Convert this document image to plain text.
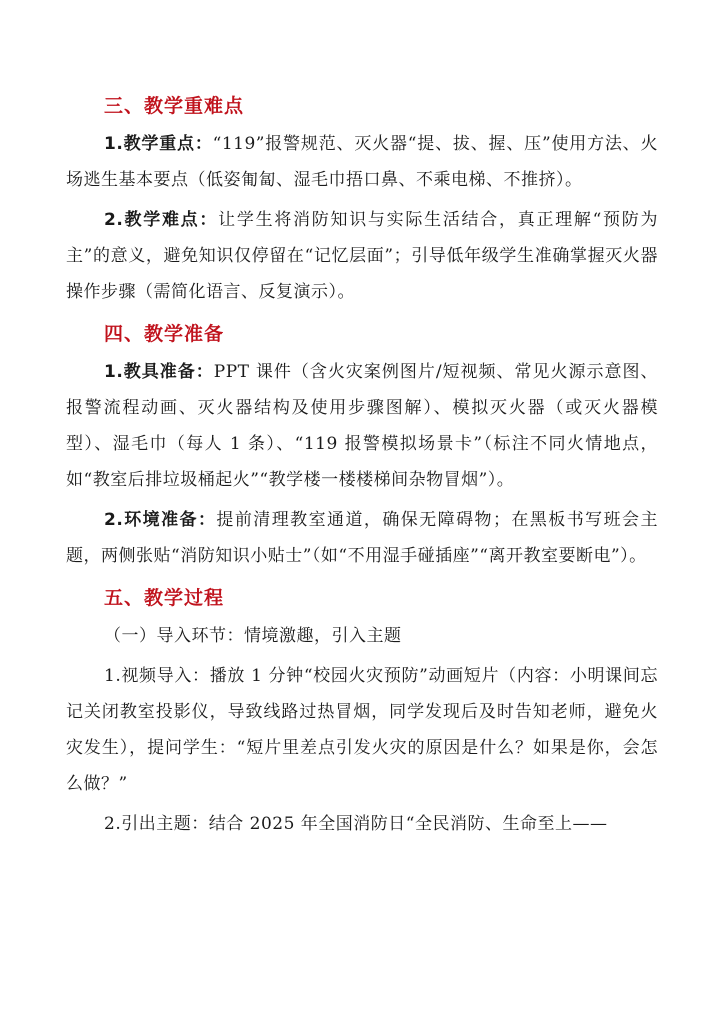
三、教学重难点

1.教学重点：“119”报警规范、灭火器“提、拔、握、压”使用方法、火场逃生基本要点（低姿匍匐、湿毛巾捂口鼻、不乘电梯、不推挤）。

2.教学难点：让学生将消防知识与实际生活结合，真正理解“预防为主”的意义，避免知识仅停留在“记忆层面”；引导低年级学生准确掌握灭火器操作步骤（需简化语言、反复演示）。

四、教学准备

1.教具准备：PPT 课件（含火灾案例图片/短视频、常见火源示意图、报警流程动画、灭火器结构及使用步骤图解）、模拟灭火器（或灭火器模型）、湿毛巾（每人 1 条）、“119 报警模拟场景卡”（标注不同火情地点，如“教室后排垃圾桶起火”“教学楼一楼楼梯间杂物冒烟”）。

2.环境准备：提前清理教室通道，确保无障碍物；在黑板书写班会主题，两侧张贴“消防知识小贴士”（如“不用湿手碰插座”“离开教室要断电”）。

五、教学过程

（一）导入环节：情境激趣，引入主题

1.视频导入：播放 1 分钟“校园火灾预防”动画短片（内容：小明课间忘记关闭教室投影仪，导致线路过热冒烟，同学发现后及时告知老师，避免火灾发生），提问学生：“短片里差点引发火灾的原因是什么？如果是你，会怎么做？”

2.引出主题：结合 2025 年全国消防日“全民消防、生命至上——
